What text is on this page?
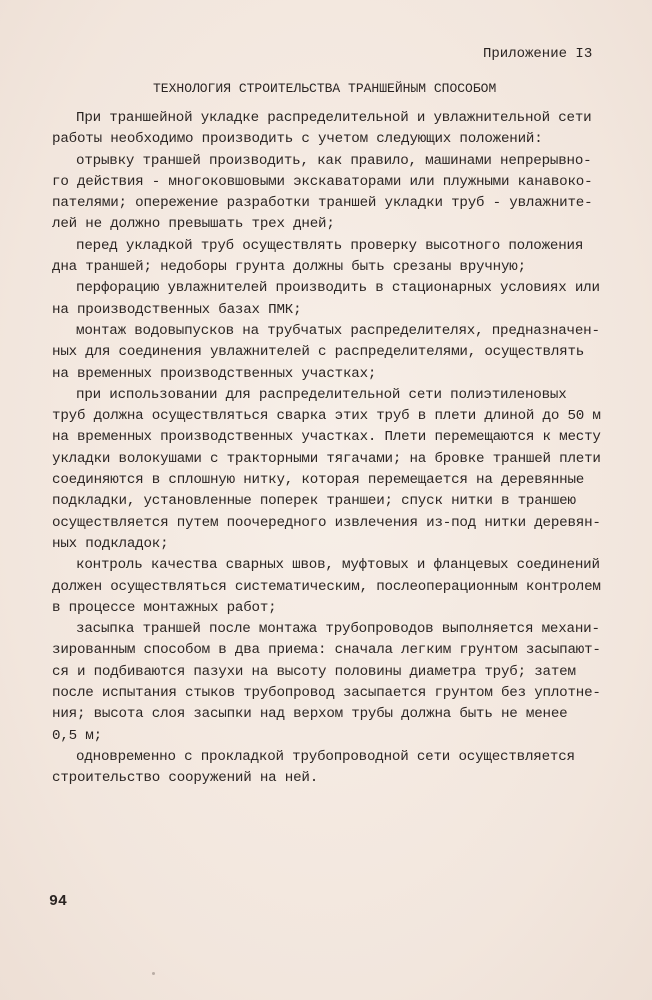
Приложение I3
ТЕХНОЛОГИЯ СТРОИТЕЛЬСТВА ТРАНШЕЙНЫМ СПОСОБОМ
При траншейной укладке распределительной и увлажнительной сети
работы необходимо производить с учетом следующих положений:
отрывку траншей производить, как правило, машинами непрерывно-
го действия - многоковшовыми экскаваторами или плужными канавоко-
пателями; опережение разработки траншей укладки труб - увлажните-
лей не должно превышать трех дней;
перед укладкой труб осуществлять проверку высотного положения
дна траншей; недоборы грунта должны быть срезаны вручную;
перфорацию увлажнителей производить в стационарных условиях или
на производственных базах ПМК;
монтаж водовыпусков на трубчатых распределителях, предназначен-
ных для соединения увлажнителей с распределителями, осуществлять
на временных производственных участках;
при использовании для распределительной сети полиэтиленовых
труб должна осуществляться сварка этих труб в плети длиной до 50 м
на временных производственных участках. Плети перемещаются к месту
укладки волокушами с тракторными тягачами; на бровке траншей плети
соединяются в сплошную нитку, которая перемещается на деревянные
подкладки, установленные поперек траншеи; спуск нитки в траншею
осуществляется путем поочередного извлечения из-под нитки деревян-
ных подкладок;
контроль качества сварных швов, муфтовых и фланцевых соединений
должен осуществляться систематическим, послеоперационным контролем
в процессе монтажных работ;
засыпка траншей после монтажа трубопроводов выполняется механи-
зированным способом в два приема: сначала легким грунтом засыпают-
ся и подбиваются пазухи на высоту половины диаметра труб; затем
после испытания стыков трубопровод засыпается грунтом без уплотне-
ния; высота слоя засыпки над верхом трубы должна быть не менее
0,5 м;
одновременно с прокладкой трубопроводной сети осуществляется
строительство сооружений на ней.
94
